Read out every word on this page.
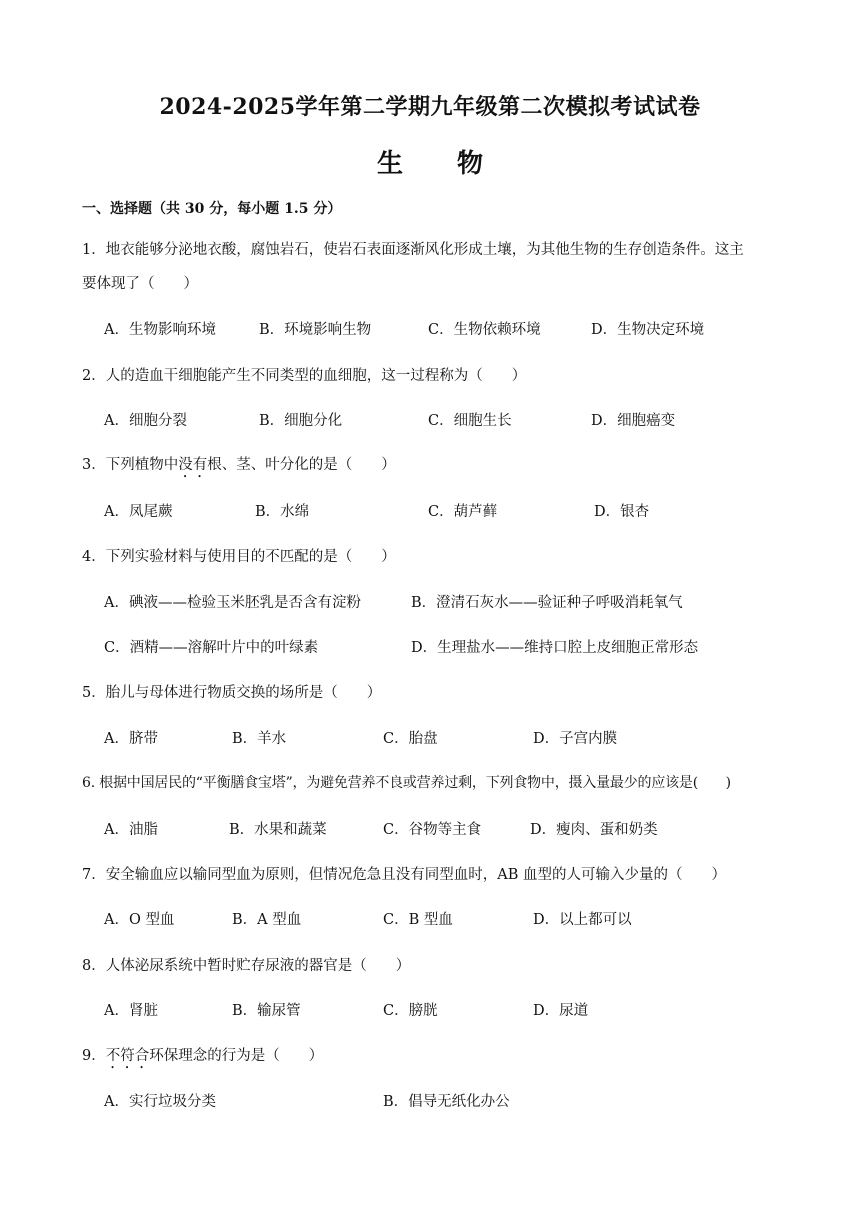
2024-2025学年第二学期九年级第二次模拟考试试卷
生物
一、选择题（共 30 分，每小题 1.5 分）
1．地衣能够分泌地衣酸，腐蚀岩石，使岩石表面逐渐风化形成土壤，为其他生物的生存创造条件。这主
要体现了（　　）
A．生物影响环境	B．环境影响生物	C．生物依赖环境	D．生物决定环境
2．人的造血干细胞能产生不同类型的血细胞，这一过程称为（　　）
A．细胞分裂	B．细胞分化	C．细胞生长	D．细胞癌变
3．下列植物中没有根、茎、叶分化的是（　　）
A．凤尾蕨	B．水绵	C．葫芦藓	D．银杏
4．下列实验材料与使用目的不匹配的是（　　）
A．碘液——检验玉米胚乳是否含有淀粉	B．澄清石灰水——验证种子呼吸消耗氧气
C．酒精——溶解叶片中的叶绿素	D．生理盐水——维持口腔上皮细胞正常形态
5．胎儿与母体进行物质交换的场所是（　　）
A．脐带	B．羊水	C．胎盘	D．子宫内膜
6. 根据中国居民的“平衡膳食宝塔”，为避免营养不良或营养过剩，下列食物中，摄入量最少的应该是(　　)
A．油脂	B．水果和蔬菜	C．谷物等主食	D．瘦肉、蛋和奶类
7．安全输血应以输同型血为原则，但情况危急且没有同型血时，AB 血型的人可输入少量的（　　）
A．O 型血	B．A 型血	C．B 型血	D．以上都可以
8．人体泌尿系统中暂时贮存尿液的器官是（　　）
A．肾脏	B．输尿管	C．膀胱	D．尿道
9．不符合环保理念的行为是（　　）
A．实行垃圾分类	B．倡导无纸化办公
